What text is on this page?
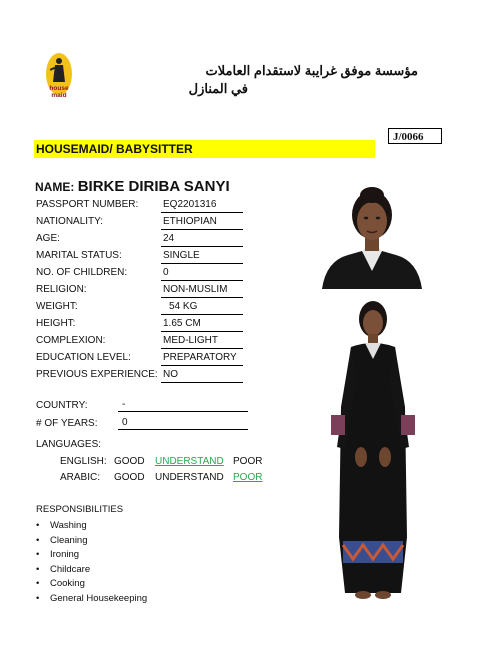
house
maid
مؤسسة موفق غرايبة لاستقدام العاملات
في المنازل
J/0066
HOUSEMAID/ BABYSITTER
NAME: BIRKE DIRIBA SANYI
PASSPORT NUMBER: EQ2201316
NATIONALITY:	ETHIOPIAN
AGE:	24
MARITAL STATUS:	SINGLE
NO. OF CHILDREN:	0
RELIGION:	NON-MUSLIM
WEIGHT:	54 KG
HEIGHT:	1.65 CM
COMPLEXION:	MED-LIGHT
EDUCATION LEVEL:	PREPARATORY
PREVIOUS EXPERIENCE: NO
COUNTRY:	-
# OF YEARS:	0
LANGUAGES:
ENGLISH: GOOD UNDERSTAND POOR
ARABIC: GOOD UNDERSTAND POOR
RESPONSIBILITIES
• Washing
• Cleaning
• Ironing
• Childcare
• Cooking
• General Housekeeping
